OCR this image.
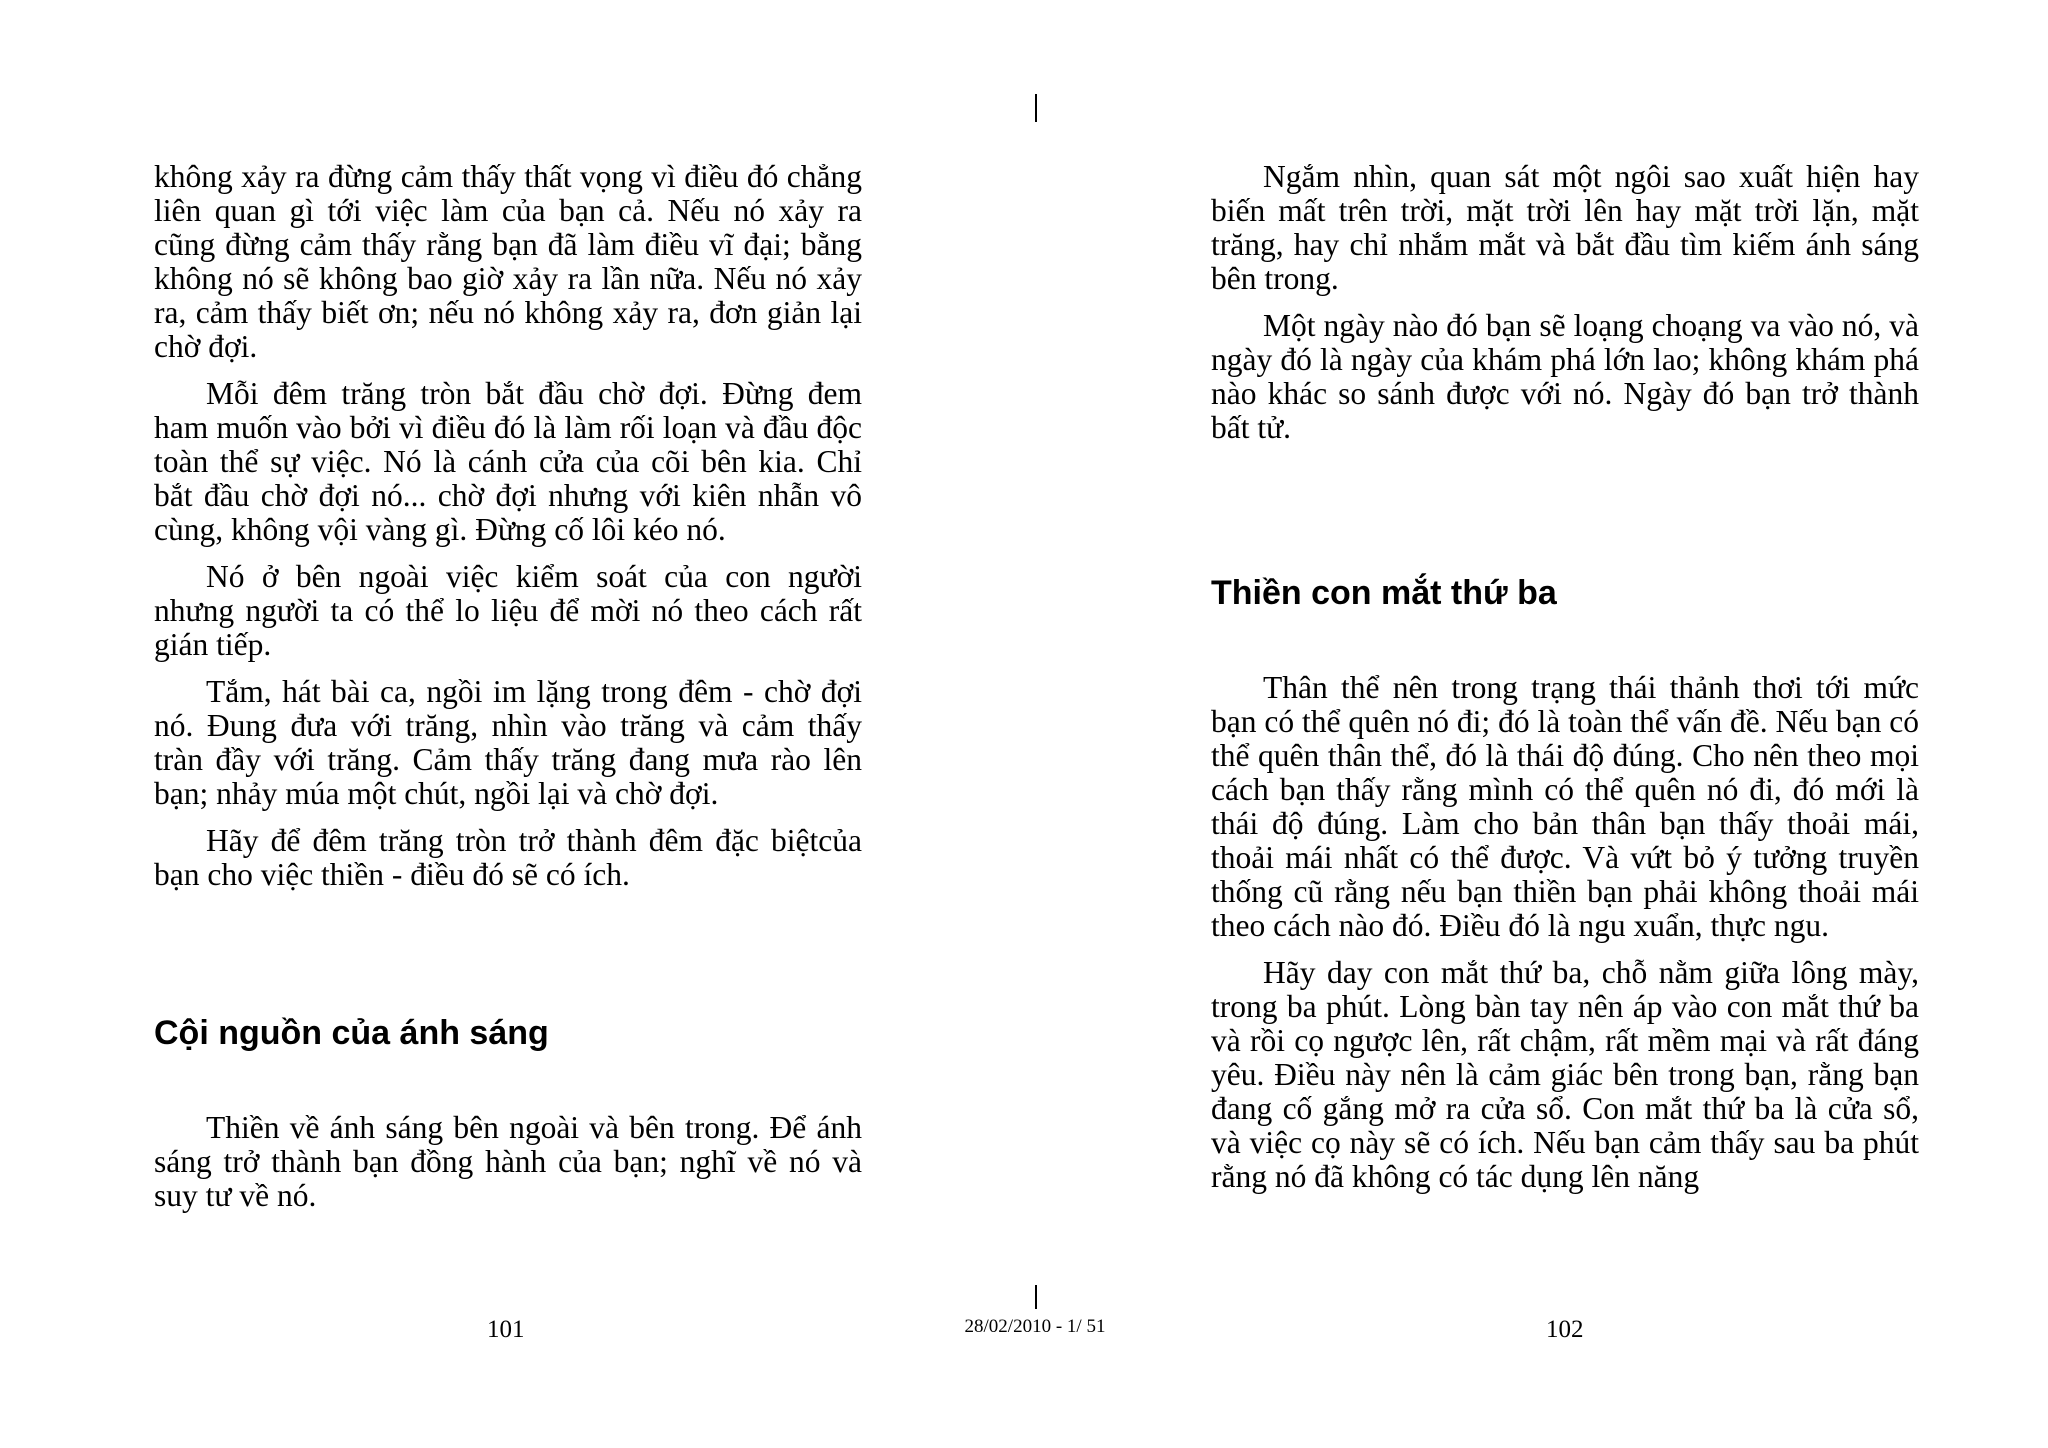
không xảy ra đừng cảm thấy thất vọng vì điều đó chẳng liên quan gì tới việc làm của bạn cả. Nếu nó xảy ra cũng đừng cảm thấy rằng bạn đã làm điều vĩ đại; bằng không nó sẽ không bao giờ xảy ra lần nữa. Nếu nó xảy ra, cảm thấy biết ơn; nếu nó không xảy ra, đơn giản lại chờ đợi.

Mỗi đêm trăng tròn bắt đầu chờ đợi. Đừng đem ham muốn vào bởi vì điều đó là làm rối loạn và đầu độc toàn thể sự việc. Nó là cánh cửa của cõi bên kia. Chỉ bắt đầu chờ đợi nó... chờ đợi nhưng với kiên nhẫn vô cùng, không vội vàng gì. Đừng cố lôi kéo nó.

Nó ở bên ngoài việc kiểm soát của con người nhưng người ta có thể lo liệu để mời nó theo cách rất gián tiếp.

Tắm, hát bài ca, ngồi im lặng trong đêm - chờ đợi nó. Đung đưa với trăng, nhìn vào trăng và cảm thấy tràn đầy với trăng. Cảm thấy trăng đang mưa rào lên bạn; nhảy múa một chút, ngồi lại và chờ đợi.

Hãy để đêm trăng tròn trở thành đêm đặc biệtcủa bạn cho việc thiền - điều đó sẽ có ích.

Cội nguồn của ánh sáng

Thiền về ánh sáng bên ngoài và bên trong. Để ánh sáng trở thành bạn đồng hành của bạn; nghĩ về nó và suy tư về nó.

Ngắm nhìn, quan sát một ngôi sao xuất hiện hay biến mất trên trời, mặt trời lên hay mặt trời lặn, mặt trăng, hay chỉ nhắm mắt và bắt đầu tìm kiếm ánh sáng bên trong.

Một ngày nào đó bạn sẽ loạng choạng va vào nó, và ngày đó là ngày của khám phá lớn lao; không khám phá nào khác so sánh được với nó. Ngày đó bạn trở thành bất tử.

Thiền con mắt thứ ba

Thân thể nên trong trạng thái thảnh thơi tới mức bạn có thể quên nó đi; đó là toàn thể vấn đề. Nếu bạn có thể quên thân thể, đó là thái độ đúng. Cho nên theo mọi cách bạn thấy rằng mình có thể quên nó đi, đó mới là thái độ đúng. Làm cho bản thân bạn thấy thoải mái, thoải mái nhất có thể được. Và vứt bỏ ý tưởng truyền thống cũ rằng nếu bạn thiền bạn phải không thoải mái theo cách nào đó. Điều đó là ngu xuẩn, thực ngu.

Hãy day con mắt thứ ba, chỗ nằm giữa lông mày, trong ba phút. Lòng bàn tay nên áp vào con mắt thứ ba và rồi cọ ngược lên, rất chậm, rất mềm mại và rất đáng yêu. Điều này nên là cảm giác bên trong bạn, rằng bạn đang cố gắng mở ra cửa sổ. Con mắt thứ ba là cửa sổ, và việc cọ này sẽ có ích. Nếu bạn cảm thấy sau ba phút rằng nó đã không có tác dụng lên năng

101	28/02/2010 - 1/ 51	102
